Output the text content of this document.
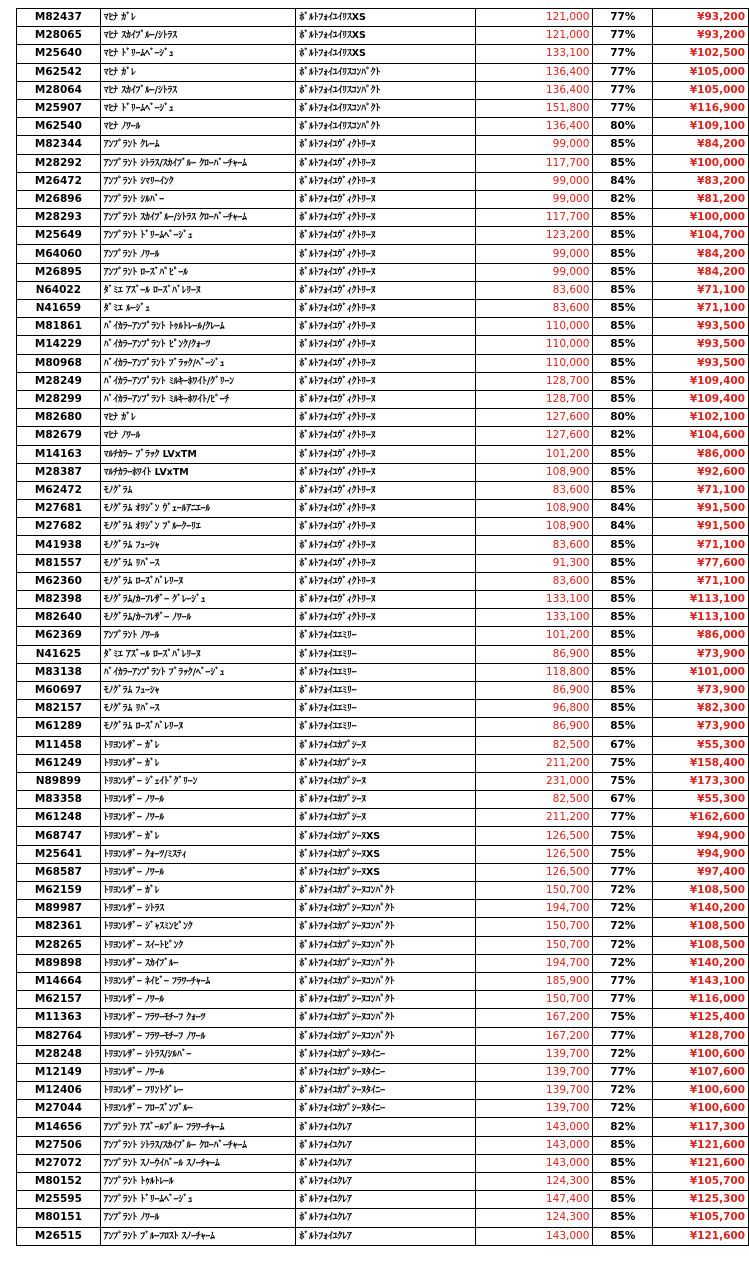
M82437	ﾏﾋﾅ ｶﾞﾚ	ﾎﾞﾙﾄﾌｫｲﾕｲﾘｽXS	121,000	77%	¥93,200
M28065	ﾏﾋﾅ ｽｶｲﾌﾞﾙｰ/ｼﾄﾗｽ	ﾎﾞﾙﾄﾌｫｲﾕｲﾘｽXS	121,000	77%	¥93,200
M25640	ﾏﾋﾅ ﾄﾞﾘｰﾑﾍﾞｰｼﾞｭ	ﾎﾞﾙﾄﾌｫｲﾕｲﾘｽXS	133,100	77%	¥102,500
M62542	ﾏﾋﾅ ｶﾞﾚ	ﾎﾞﾙﾄﾌｫｲﾕｲﾘｽｺﾝﾊﾟｸﾄ	136,400	77%	¥105,000
M28064	ﾏﾋﾅ ｽｶｲﾌﾞﾙｰ/ｼﾄﾗｽ	ﾎﾞﾙﾄﾌｫｲﾕｲﾘｽｺﾝﾊﾟｸﾄ	136,400	77%	¥105,000
M25907	ﾏﾋﾅ ﾄﾞﾘｰﾑﾍﾞｰｼﾞｭ	ﾎﾞﾙﾄﾌｫｲﾕｲﾘｽｺﾝﾊﾟｸﾄ	151,800	77%	¥116,900
M62540	ﾏﾋﾅ ﾉﾜｰﾙ	ﾎﾞﾙﾄﾌｫｲﾕｲﾘｽｺﾝﾊﾟｸﾄ	136,400	80%	¥109,100
M82344	ｱﾝﾌﾟﾗﾝﾄ ｸﾚｰﾑ	ﾎﾞﾙﾄﾌｫｲﾕｳﾞｨｸﾄﾘｰﾇ	99,000	85%	¥84,200
M28292	ｱﾝﾌﾟﾗﾝﾄ ｼﾄﾗｽ/ｽｶｲﾌﾞﾙｰ ｸﾛｰﾊﾞｰﾁｬｰﾑ	ﾎﾞﾙﾄﾌｫｲﾕｳﾞｨｸﾄﾘｰﾇ	117,700	85%	¥100,000
M26472	ｱﾝﾌﾟﾗﾝﾄ ｼﾏﾘｰｲﾝｸ	ﾎﾞﾙﾄﾌｫｲﾕｳﾞｨｸﾄﾘｰﾇ	99,000	84%	¥83,200
M26896	ｱﾝﾌﾟﾗﾝﾄ ｼﾙﾊﾞｰ	ﾎﾞﾙﾄﾌｫｲﾕｳﾞｨｸﾄﾘｰﾇ	99,000	82%	¥81,200
M28293	ｱﾝﾌﾟﾗﾝﾄ ｽｶｲﾌﾞﾙｰ/ｼﾄﾗｽ ｸﾛｰﾊﾞｰﾁｬｰﾑ	ﾎﾞﾙﾄﾌｫｲﾕｳﾞｨｸﾄﾘｰﾇ	117,700	85%	¥100,000
M25649	ｱﾝﾌﾟﾗﾝﾄ ﾄﾞﾘｰﾑﾍﾞｰｼﾞｭ	ﾎﾞﾙﾄﾌｫｲﾕｳﾞｨｸﾄﾘｰﾇ	123,200	85%	¥104,700
M64060	ｱﾝﾌﾟﾗﾝﾄ ﾉﾜｰﾙ	ﾎﾞﾙﾄﾌｫｲﾕｳﾞｨｸﾄﾘｰﾇ	99,000	85%	¥84,200
M26895	ｱﾝﾌﾟﾗﾝﾄ ﾛｰｽﾞﾊﾟﾋﾟｰﾙ	ﾎﾞﾙﾄﾌｫｲﾕｳﾞｨｸﾄﾘｰﾇ	99,000	85%	¥84,200
N64022	ﾀﾞﾐｴ ｱｽﾞｰﾙ ﾛｰｽﾞﾊﾞﾚﾘｰﾇ	ﾎﾞﾙﾄﾌｫｲﾕｳﾞｨｸﾄﾘｰﾇ	83,600	85%	¥71,100
N41659	ﾀﾞﾐｴ ﾙｰｼﾞｭ	ﾎﾞﾙﾄﾌｫｲﾕｳﾞｨｸﾄﾘｰﾇ	83,600	85%	¥71,100
M81861	ﾊﾞｲｶﾗｰｱﾝﾌﾟﾗﾝﾄ ﾄｩﾙﾄﾚｰﾙ/ｸﾚｰﾑ	ﾎﾞﾙﾄﾌｫｲﾕｳﾞｨｸﾄﾘｰﾇ	110,000	85%	¥93,500
M14229	ﾊﾞｲｶﾗｰｱﾝﾌﾟﾗﾝﾄ ﾋﾟﾝｸ/ｸｫｰﾂ	ﾎﾞﾙﾄﾌｫｲﾕｳﾞｨｸﾄﾘｰﾇ	110,000	85%	¥93,500
M80968	ﾊﾞｲｶﾗｰｱﾝﾌﾟﾗﾝﾄ ﾌﾞﾗｯｸ/ﾍﾞｰｼﾞｭ	ﾎﾞﾙﾄﾌｫｲﾕｳﾞｨｸﾄﾘｰﾇ	110,000	85%	¥93,500
M28249	ﾊﾞｲｶﾗｰｱﾝﾌﾟﾗﾝﾄ ﾐﾙｷｰﾎﾜｲﾄ/ｸﾞﾘｰﾝ	ﾎﾞﾙﾄﾌｫｲﾕｳﾞｨｸﾄﾘｰﾇ	128,700	85%	¥109,400
M28299	ﾊﾞｲｶﾗｰｱﾝﾌﾟﾗﾝﾄ ﾐﾙｷｰﾎﾜｲﾄ/ﾋﾟｰﾁ	ﾎﾞﾙﾄﾌｫｲﾕｳﾞｨｸﾄﾘｰﾇ	128,700	85%	¥109,400
M82680	ﾏﾋﾅ ｶﾞﾚ	ﾎﾞﾙﾄﾌｫｲﾕｳﾞｨｸﾄﾘｰﾇ	127,600	80%	¥102,100
M82679	ﾏﾋﾅ ﾉﾜｰﾙ	ﾎﾞﾙﾄﾌｫｲﾕｳﾞｨｸﾄﾘｰﾇ	127,600	82%	¥104,600
M14163	ﾏﾙﾁｶﾗｰ ﾌﾞﾗｯｸ LVxTM	ﾎﾞﾙﾄﾌｫｲﾕｳﾞｨｸﾄﾘｰﾇ	101,200	85%	¥86,000
M28387	ﾏﾙﾁｶﾗｰﾎﾜｲﾄ LVxTM	ﾎﾞﾙﾄﾌｫｲﾕｳﾞｨｸﾄﾘｰﾇ	108,900	85%	¥92,600
M62472	ﾓﾉｸﾞﾗﾑ	ﾎﾞﾙﾄﾌｫｲﾕｳﾞｨｸﾄﾘｰﾇ	83,600	85%	¥71,100
M27681	ﾓﾉｸﾞﾗﾑ ｵﾘｼﾞﾝ ｳﾞｪｰﾙｱﾆｴｰﾙ	ﾎﾞﾙﾄﾌｫｲﾕｳﾞｨｸﾄﾘｰﾇ	108,900	84%	¥91,500
M27682	ﾓﾉｸﾞﾗﾑ ｵﾘｼﾞﾝ ﾌﾞﾙｰｸｰﾘｴ	ﾎﾞﾙﾄﾌｫｲﾕｳﾞｨｸﾄﾘｰﾇ	108,900	84%	¥91,500
M41938	ﾓﾉｸﾞﾗﾑ ﾌｭｰｼｬ	ﾎﾞﾙﾄﾌｫｲﾕｳﾞｨｸﾄﾘｰﾇ	83,600	85%	¥71,100
M81557	ﾓﾉｸﾞﾗﾑ ﾘﾊﾞｰｽ	ﾎﾞﾙﾄﾌｫｲﾕｳﾞｨｸﾄﾘｰﾇ	91,300	85%	¥77,600
M62360	ﾓﾉｸﾞﾗﾑ ﾛｰｽﾞﾊﾞﾚﾘｰﾇ	ﾎﾞﾙﾄﾌｫｲﾕｳﾞｨｸﾄﾘｰﾇ	83,600	85%	¥71,100
M82398	ﾓﾉｸﾞﾗﾑ/ｶｰﾌﾚｻﾞｰ ｸﾞﾚｰｼﾞｭ	ﾎﾞﾙﾄﾌｫｲﾕｳﾞｨｸﾄﾘｰﾇ	133,100	85%	¥113,100
M82640	ﾓﾉｸﾞﾗﾑ/ｶｰﾌﾚｻﾞｰ ﾉﾜｰﾙ	ﾎﾞﾙﾄﾌｫｲﾕｳﾞｨｸﾄﾘｰﾇ	133,100	85%	¥113,100
M62369	ｱﾝﾌﾟﾗﾝﾄ ﾉﾜｰﾙ	ﾎﾞﾙﾄﾌｫｲﾕｴﾐﾘｰ	101,200	85%	¥86,000
N41625	ﾀﾞﾐｴ ｱｽﾞｰﾙ ﾛｰｽﾞﾊﾞﾚﾘｰﾇ	ﾎﾞﾙﾄﾌｫｲﾕｴﾐﾘｰ	86,900	85%	¥73,900
M83138	ﾊﾞｲｶﾗｰｱﾝﾌﾟﾗﾝﾄ ﾌﾞﾗｯｸ/ﾍﾞｰｼﾞｭ	ﾎﾞﾙﾄﾌｫｲﾕｴﾐﾘｰ	118,800	85%	¥101,000
M60697	ﾓﾉｸﾞﾗﾑ ﾌｭｰｼｬ	ﾎﾞﾙﾄﾌｫｲﾕｴﾐﾘｰ	86,900	85%	¥73,900
M82157	ﾓﾉｸﾞﾗﾑ ﾘﾊﾞｰｽ	ﾎﾞﾙﾄﾌｫｲﾕｴﾐﾘｰ	96,800	85%	¥82,300
M61289	ﾓﾉｸﾞﾗﾑ ﾛｰｽﾞﾊﾞﾚﾘｰﾇ	ﾎﾞﾙﾄﾌｫｲﾕｴﾐﾘｰ	86,900	85%	¥73,900
M11458	ﾄﾘﾖﾝﾚｻﾞｰ ｶﾞﾚ	ﾎﾞﾙﾄﾌｫｲﾕｶﾌﾟｼｰﾇ	82,500	67%	¥55,300
M61249	ﾄﾘﾖﾝﾚｻﾞｰ ｶﾞﾚ	ﾎﾞﾙﾄﾌｫｲﾕｶﾌﾟｼｰﾇ	211,200	75%	¥158,400
N89899	ﾄﾘﾖﾝﾚｻﾞｰ ｼﾞｪｲﾄﾞｸﾞﾘｰﾝ	ﾎﾞﾙﾄﾌｫｲﾕｶﾌﾟｼｰﾇ	231,000	75%	¥173,300
M83358	ﾄﾘﾖﾝﾚｻﾞｰ ﾉﾜｰﾙ	ﾎﾞﾙﾄﾌｫｲﾕｶﾌﾟｼｰﾇ	82,500	67%	¥55,300
M61248	ﾄﾘﾖﾝﾚｻﾞｰ ﾉﾜｰﾙ	ﾎﾞﾙﾄﾌｫｲﾕｶﾌﾟｼｰﾇ	211,200	77%	¥162,600
M68747	ﾄﾘﾖﾝﾚｻﾞｰ ｶﾞﾚ	ﾎﾞﾙﾄﾌｫｲﾕｶﾌﾟｼｰﾇXS	126,500	75%	¥94,900
M25641	ﾄﾘﾖﾝﾚｻﾞｰ ｸｫｰﾂ/ﾐｽﾃｨ	ﾎﾞﾙﾄﾌｫｲﾕｶﾌﾟｼｰﾇXS	126,500	75%	¥94,900
M68587	ﾄﾘﾖﾝﾚｻﾞｰ ﾉﾜｰﾙ	ﾎﾞﾙﾄﾌｫｲﾕｶﾌﾟｼｰﾇXS	126,500	77%	¥97,400
M62159	ﾄﾘﾖﾝﾚｻﾞｰ ｶﾞﾚ	ﾎﾞﾙﾄﾌｫｲﾕｶﾌﾟｼｰﾇｺﾝﾊﾟｸﾄ	150,700	72%	¥108,500
M89987	ﾄﾘﾖﾝﾚｻﾞｰ ｼﾄﾗｽ	ﾎﾞﾙﾄﾌｫｲﾕｶﾌﾟｼｰﾇｺﾝﾊﾟｸﾄ	194,700	72%	¥140,200
M82361	ﾄﾘﾖﾝﾚｻﾞｰ ｼﾞｬｽﾐﾝﾋﾟﾝｸ	ﾎﾞﾙﾄﾌｫｲﾕｶﾌﾟｼｰﾇｺﾝﾊﾟｸﾄ	150,700	72%	¥108,500
M28265	ﾄﾘﾖﾝﾚｻﾞｰ ｽｲｰﾄﾋﾟﾝｸ	ﾎﾞﾙﾄﾌｫｲﾕｶﾌﾟｼｰﾇｺﾝﾊﾟｸﾄ	150,700	72%	¥108,500
M89898	ﾄﾘﾖﾝﾚｻﾞｰ ｽｶｲﾌﾞﾙｰ	ﾎﾞﾙﾄﾌｫｲﾕｶﾌﾟｼｰﾇｺﾝﾊﾟｸﾄ	194,700	72%	¥140,200
M14664	ﾄﾘﾖﾝﾚｻﾞｰ ﾈｲﾋﾞｰ ﾌﾗﾜｰﾁｬｰﾑ	ﾎﾞﾙﾄﾌｫｲﾕｶﾌﾟｼｰﾇｺﾝﾊﾟｸﾄ	185,900	77%	¥143,100
M62157	ﾄﾘﾖﾝﾚｻﾞｰ ﾉﾜｰﾙ	ﾎﾞﾙﾄﾌｫｲﾕｶﾌﾟｼｰﾇｺﾝﾊﾟｸﾄ	150,700	77%	¥116,000
M11363	ﾄﾘﾖﾝﾚｻﾞｰ ﾌﾗﾜｰﾓﾁｰﾌ ｸｫｰﾂ	ﾎﾞﾙﾄﾌｫｲﾕｶﾌﾟｼｰﾇｺﾝﾊﾟｸﾄ	167,200	75%	¥125,400
M82764	ﾄﾘﾖﾝﾚｻﾞｰ ﾌﾗﾜｰﾓﾁｰﾌ ﾉﾜｰﾙ	ﾎﾞﾙﾄﾌｫｲﾕｶﾌﾟｼｰﾇｺﾝﾊﾟｸﾄ	167,200	77%	¥128,700
M28248	ﾄﾘﾖﾝﾚｻﾞｰ ｼﾄﾗｽ/ｼﾙﾊﾞｰ	ﾎﾞﾙﾄﾌｫｲﾕｶﾌﾟｼｰﾇﾀｲﾆｰ	139,700	72%	¥100,600
M12149	ﾄﾘﾖﾝﾚｻﾞｰ ﾉﾜｰﾙ	ﾎﾞﾙﾄﾌｫｲﾕｶﾌﾟｼｰﾇﾀｲﾆｰ	139,700	77%	¥107,600
M12406	ﾄﾘﾖﾝﾚｻﾞｰ ﾌﾘﾝﾄｸﾞﾚｰ	ﾎﾞﾙﾄﾌｫｲﾕｶﾌﾟｼｰﾇﾀｲﾆｰ	139,700	72%	¥100,600
M27044	ﾄﾘﾖﾝﾚｻﾞｰ ﾌﾛｰｽﾞﾝﾌﾞﾙｰ	ﾎﾞﾙﾄﾌｫｲﾕｶﾌﾟｼｰﾇﾀｲﾆｰ	139,700	72%	¥100,600
M14656	ｱﾝﾌﾟﾗﾝﾄ ｱｽﾞｰﾙﾌﾞﾙｰ ﾌﾗﾜｰﾁｬｰﾑ	ﾎﾞﾙﾄﾌｫｲﾕｸﾚｱ	143,000	82%	¥117,300
M27506	ｱﾝﾌﾟﾗﾝﾄ ｼﾄﾗｽ/ｽｶｲﾌﾞﾙｰ ｸﾛｰﾊﾞｰﾁｬｰﾑ	ﾎﾞﾙﾄﾌｫｲﾕｸﾚｱ	143,000	85%	¥121,600
M27072	ｱﾝﾌﾟﾗﾝﾄ ｽﾉｰｳｲﾊﾞｰﾙ ｽﾉｰﾁｬｰﾑ	ﾎﾞﾙﾄﾌｫｲﾕｸﾚｱ	143,000	85%	¥121,600
M80152	ｱﾝﾌﾟﾗﾝﾄ ﾄｩﾙﾄﾚｰﾙ	ﾎﾞﾙﾄﾌｫｲﾕｸﾚｱ	124,300	85%	¥105,700
M25595	ｱﾝﾌﾟﾗﾝﾄ ﾄﾞﾘｰﾑﾍﾞｰｼﾞｭ	ﾎﾞﾙﾄﾌｫｲﾕｸﾚｱ	147,400	85%	¥125,300
M80151	ｱﾝﾌﾟﾗﾝﾄ ﾉﾜｰﾙ	ﾎﾞﾙﾄﾌｫｲﾕｸﾚｱ	124,300	85%	¥105,700
M26515	ｱﾝﾌﾟﾗﾝﾄ ﾌﾞﾙｰﾌﾛｽﾄ ｽﾉｰﾁｬｰﾑ	ﾎﾞﾙﾄﾌｫｲﾕｸﾚｱ	143,000	85%	¥121,600
